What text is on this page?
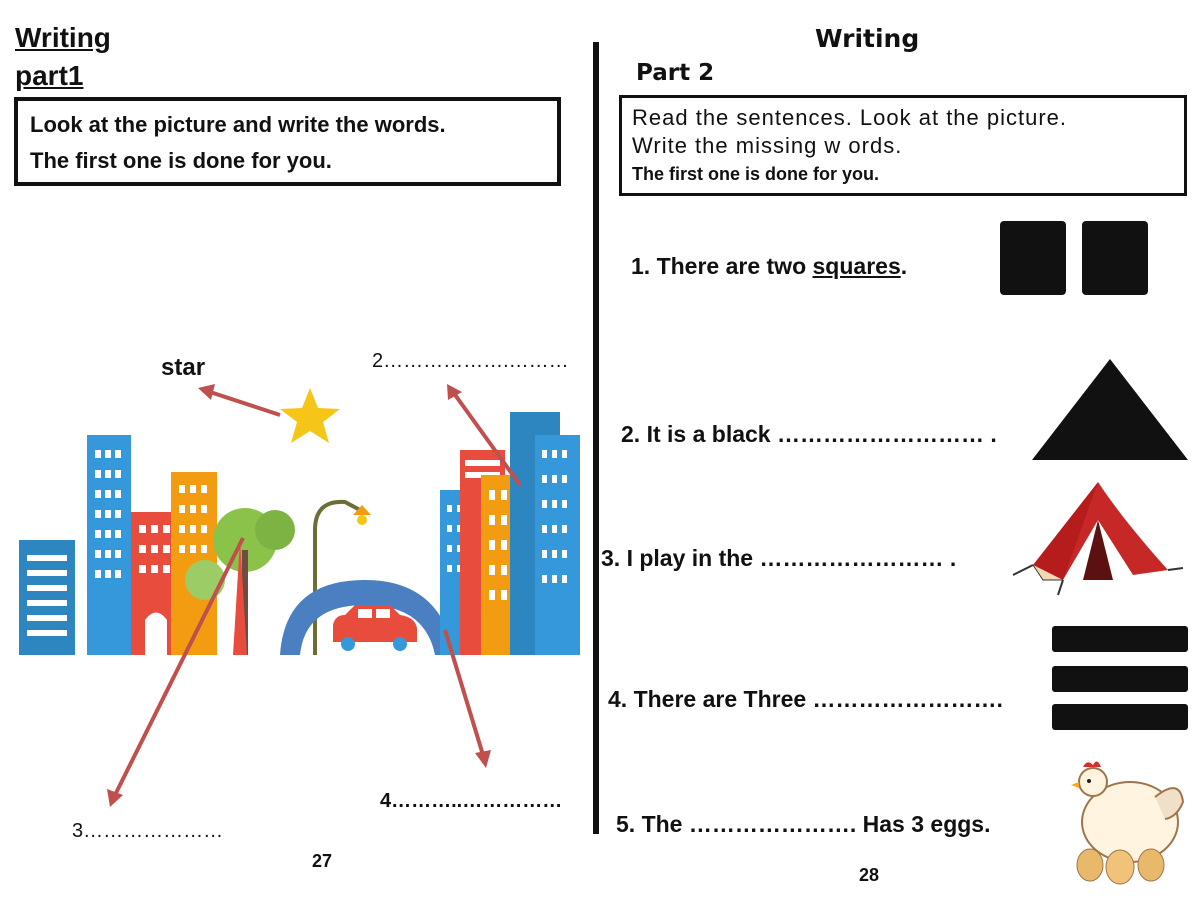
Writing
part1
Look at the picture and write the words.
The first one is done for you.
star	2……………….………
3…………………
4………..……………
27
Writing
Part 2
Read the sentences. Look at the picture.
Write the missing w ords.
The first one is done for you.
1. There are two squares.
2. It is a black ……………………… .
3. I play in the …………………… .
4. There are Three …………………….
5. The …………………. Has 3 eggs.
28
